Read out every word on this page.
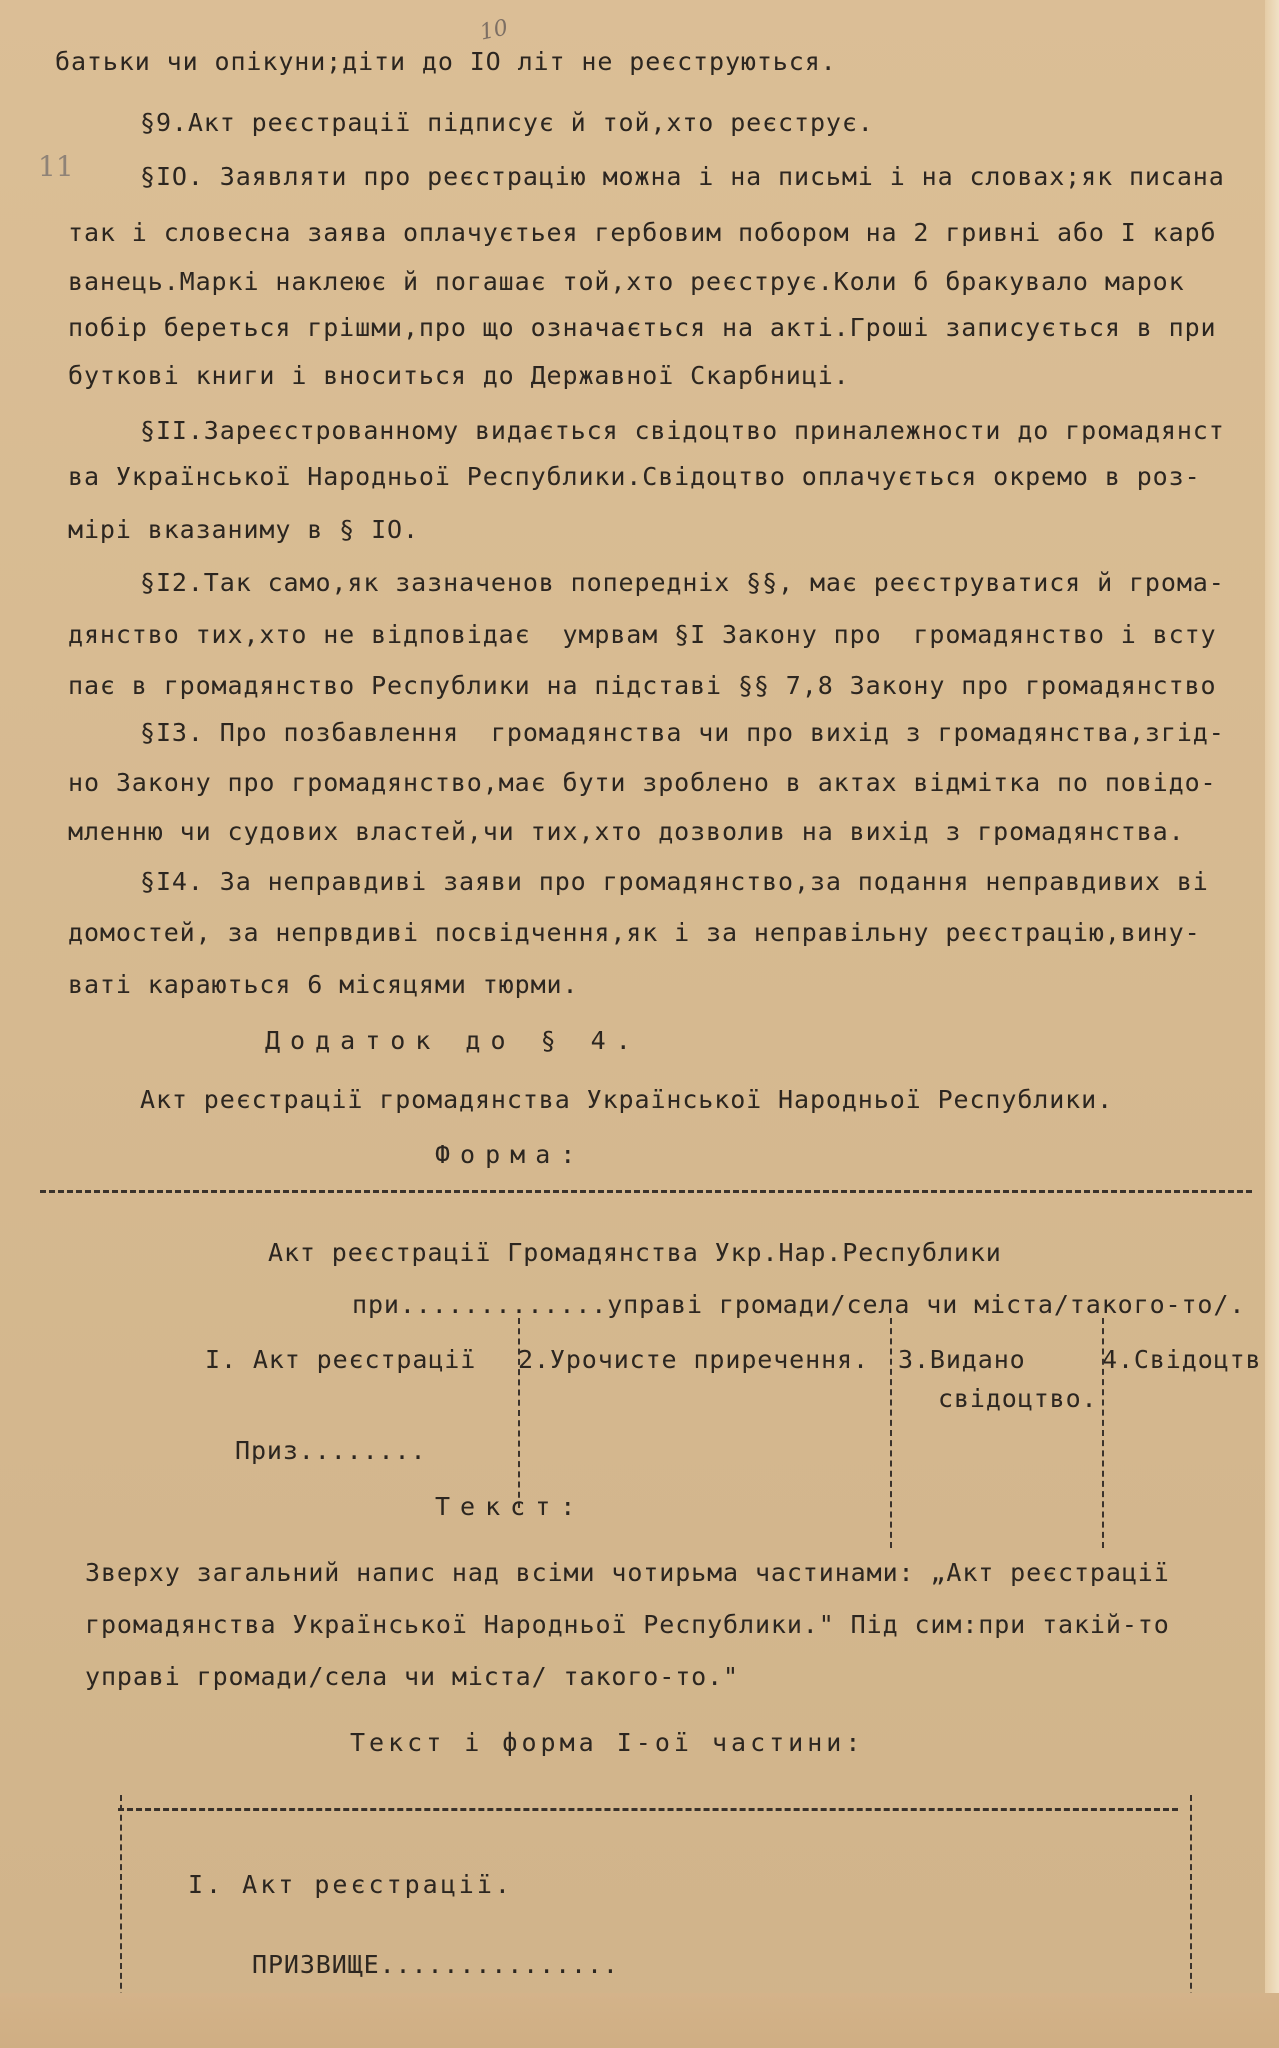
10
11
батьки чи опікуни;діти до IO літ не реєструються.
§9.Акт реєстрації підписує й той,хто реєструє.
§IO. Заявляти про реєстрацію можна і на письмі і на словах;як писана
так і словесна заява оплачуєтьея гербовим побором на 2 гривні або I карб
ванець.Маркі наклеює й погашає той,хто реєструє.Коли б бракувало марок
побір береться грішми,про що означається на акті.Гроші записується в при
буткові книги і вноситься до Державної Скарбниці.
§II.Зареєстрованному видається свідоцтво приналежности до громадянст
ва Української Народньої Республики.Свідоцтво оплачується окремо в роз-
мірі вказаниму в § IO.
§I2.Так само,як зазначенов попередніх §§, має реєструватися й грома-
дянство тих,хто не відповідає  умрвам §I Закону про  громадянство і всту
пає в громадянство Республики на підставі §§ 7,8 Закону про громадянство
§I3. Про позбавлення  громадянства чи про вихід з громадянства,згід-
но Закону про громадянство,має бути зроблено в актах відмітка по повідо-
мленню чи судових властей,чи тих,хто дозволив на вихід з громадянства.
§I4. За неправдиві заяви про громадянство,за подання неправдивих ві
домостей, за непрвдиві посвідчення,як і за неправільну реєстрацію,вину-
ваті караються 6 місяцями тюрми.
Додаток до § 4.
Акт реєстрації громадянства Української Народньої Республики.
Форма:
Акт реєстрації Громадянства Укр.Нар.Республики
при.............управі громади/села чи міста/такого-то/.
I. Акт реєстрації 2.Урочисте приречення. 3.Видано
свідоцтво.
4.Свідоцтв
Приз........
Текст:
Зверху загальний напис над всіми чотирьма частинами: „Акт реєстрації
громадянства Української Народньої Республики." Під сим:при такій-то
управі громади/села чи міста/ такого-то."
Текст і форма I-ої частини:
I. Акт реєстрації.
ПРИЗВИЩЕ...............
